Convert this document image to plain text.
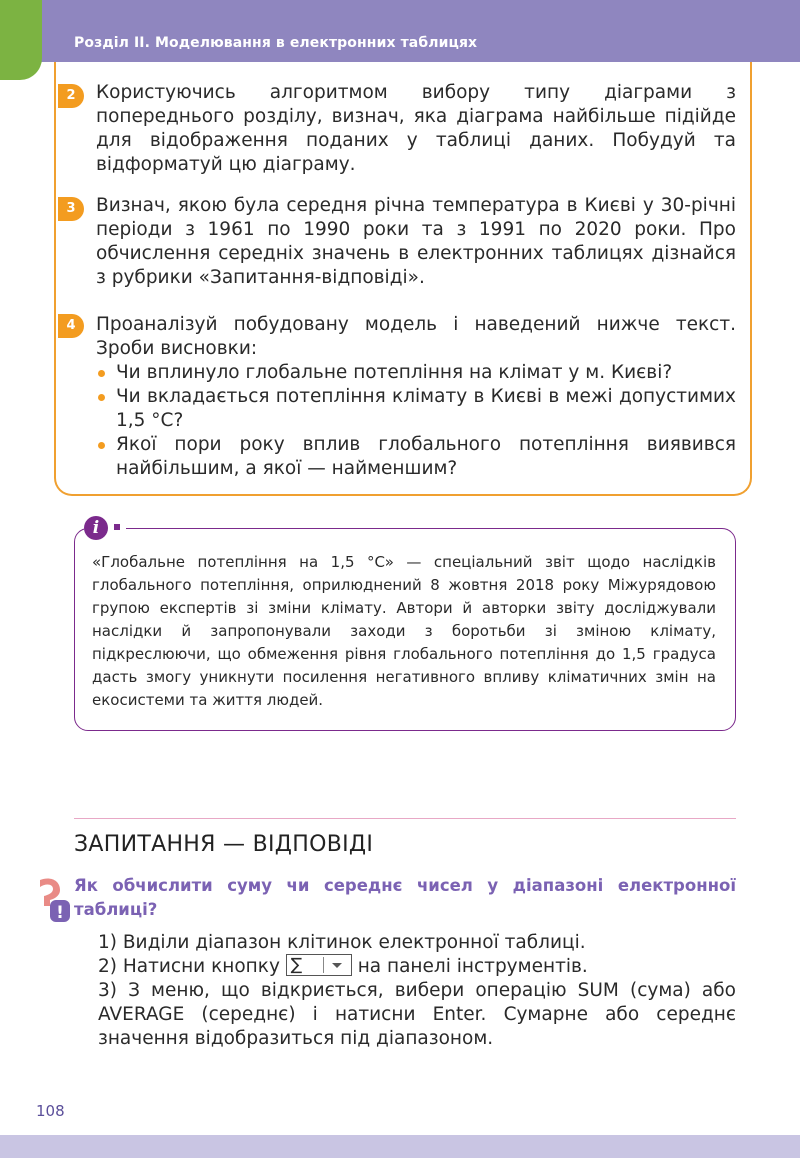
Розділ II. Моделювання в електронних таблицях
2	Користуючись алгоритмом вибору типу діаграми з попереднього розділу, визнач, яка діаграма найбільше підійде для відображення поданих у таблиці даних. Побудуй та відформатуй цю діаграму.
3	Визнач, якою була середня річна температура в Києві у 30-річні періоди з 1961 по 1990 роки та з 1991 по 2020 роки. Про обчислення середніх значень в електронних таблицях дізнайся з рубрики «Запитання-відповіді».
4	Проаналізуй побудовану модель і наведений нижче текст. Зроби висновки:
Чи вплинуло глобальне потепління на клімат у м. Києві?
Чи вкладається потепління клімату в Києві в межі допустимих 1,5 °C?
Якої пори року вплив глобального потепління виявився найбільшим, а якої — найменшим?
i
«Глобальне потепління на 1,5 °C» — спеціальний звіт щодо наслідків глобального потепління, оприлюднений 8 жовтня 2018 року Міжурядовою групою експертів зі зміни клімату. Автори й авторки звіту досліджували наслідки й запропонували заходи з боротьби зі зміною клімату, підкреслюючи, що обмеження рівня глобального потепління до 1,5 градуса дасть змогу уникнути посилення негативного впливу кліматичних змін на екосистеми та життя людей.
ЗАПИТАННЯ — ВІДПОВІДІ
!
Як обчислити суму чи середнє чисел у діапазоні електронної таблиці?

1) Виділи діапазон клітинок електронної таблиці.

2) Натисни кнопку ∑	на панелі інструментів.

3) З меню, що відкриється, вибери операцію SUM (сума) або AVERAGE (середнє) і натисни Enter. Сумарне або середнє значення відобразиться під діапазоном.

108
